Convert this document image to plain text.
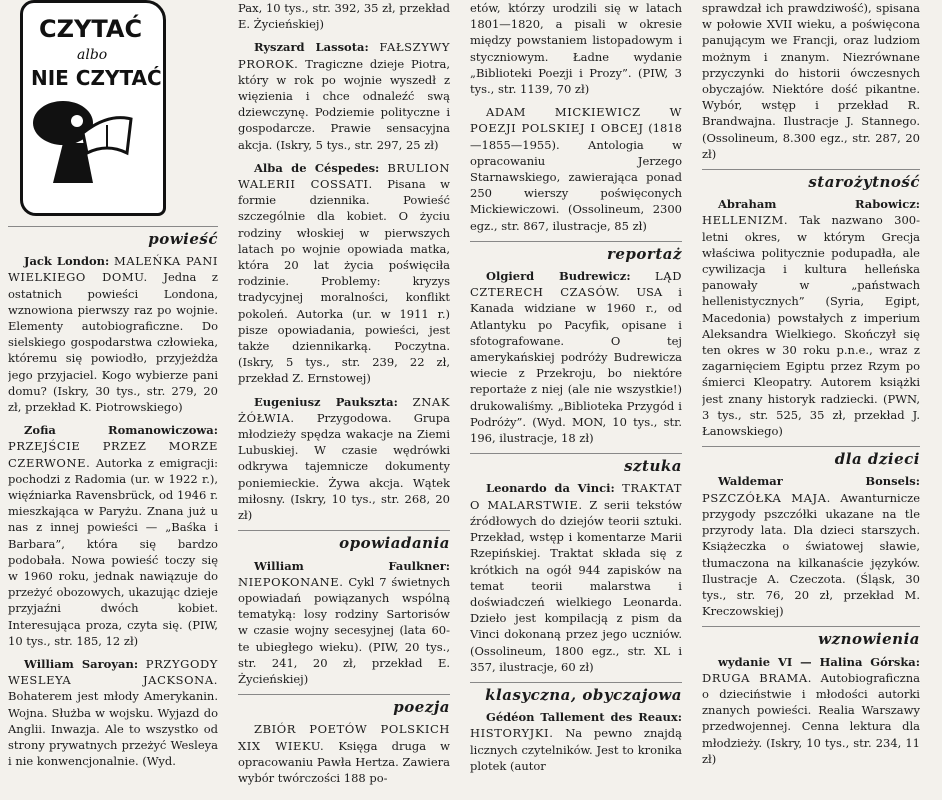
CZYTAĆ
albo
NIE CZYTAĆ
powieść

Jack London: MALEŃKA PANI WIELKIEGO DOMU. Jedna z ostatnich powieści Londona, wznowiona pierwszy raz po wojnie. Elementy autobiograficzne. Do sielskiego gospodarstwa człowieka, któremu się powiodło, przyjeżdża jego przyjaciel. Kogo wybierze pani domu? (Iskry, 30 tys., str. 279, 20 zł, przekład K. Piotrowskiego)

Zofia Romanowiczowa: PRZEJŚCIE PRZEZ MORZE CZERWONE. Autorka z emigracji: pochodzi z Radomia (ur. w 1922 r.), więźniarka Ravensbrück, od 1946 r. mieszkająca w Paryżu. Znana już u nas z innej powieści — „Baśka i Barbara”, która się bardzo podobała. Nowa powieść toczy się w 1960 roku, jednak nawiązuje do przeżyć obozowych, ukazując dzieje przyjaźni dwóch kobiet. Interesująca proza, czyta się. (PIW, 10 tys., str. 185, 12 zł)

William Saroyan: PRZYGODY WESLEYA JACKSONA. Bohaterem jest młody Amerykanin. Wojna. Służba w wojsku. Wyjazd do Anglii. Inwazja. Ale to wszystko od strony prywatnych przeżyć Wesleya i nie konwencjonalnie. (Wyd.

Pax, 10 tys., str. 392, 35 zł, przekład E. Życieńskiej)

Ryszard Lassota: FAŁSZYWY PROROK. Tragiczne dzieje Piotra, który w rok po wojnie wyszedł z więzienia i chce odnaleźć swą dziewczynę. Podziemie polityczne i gospodarcze. Prawie sensacyjna akcja. (Iskry, 5 tys., str. 297, 25 zł)

Alba de Céspedes: BRULION WALERII COSSATI. Pisana w formie dziennika. Powieść szczególnie dla kobiet. O życiu rodziny włoskiej w pierwszych latach po wojnie opowiada matka, która 20 lat życia poświęciła rodzinie. Problemy: kryzys tradycyjnej moralności, konflikt pokoleń. Autorka (ur. w 1911 r.) pisze opowiadania, powieści, jest także dziennikarką. Poczytna. (Iskry, 5 tys., str. 239, 22 zł, przekład Z. Ernstowej)

Eugeniusz Paukszta: ZNAK ŻÓŁWIA. Przygodowa. Grupa młodzieży spędza wakacje na Ziemi Lubuskiej. W czasie wędrówki odkrywa tajemnicze dokumenty poniemieckie. Żywa akcja. Wątek miłosny. (Iskry, 10 tys., str. 268, 20 zł)

opowiadania

William Faulkner: NIEPOKONANE. Cykl 7 świetnych opowiadań powiązanych wspólną tematyką: losy rodziny Sartorisów w czasie wojny secesyjnej (lata 60-te ubiegłego wieku). (PIW, 20 tys., str. 241, 20 zł, przekład E. Życieńskiej)

poezja

ZBIÓR POETÓW POLSKICH XIX WIEKU. Księga druga w opracowaniu Pawła Hertza. Zawiera wybór twórczości 188 po-

etów, którzy urodzili się w latach 1801—1820, a pisali w okresie między powstaniem listopadowym i styczniowym. Ładne wydanie „Biblioteki Poezji i Prozy”. (PIW, 3 tys., str. 1139, 70 zł)

ADAM MICKIEWICZ W POEZJI POLSKIEJ I OBCEJ (1818—1855—1955). Antologia w opracowaniu Jerzego Starnawskiego, zawierająca ponad 250 wierszy poświęconych Mickiewiczowi. (Ossolineum, 2300 egz., str. 867, ilustracje, 85 zł)

reportaż

Olgierd Budrewicz: LĄD CZTERECH CZASÓW. USA i Kanada widziane w 1960 r., od Atlantyku po Pacyfik, opisane i sfotografowane. O tej amerykańskiej podróży Budrewicza wiecie z Przekroju, bo niektóre reportaże z niej (ale nie wszystkie!) drukowaliśmy. „Biblioteka Przygód i Podróży”. (Wyd. MON, 10 tys., str. 196, ilustracje, 18 zł)

sztuka

Leonardo da Vinci: TRAKTAT O MALARSTWIE. Z serii tekstów źródłowych do dziejów teorii sztuki. Przekład, wstęp i komentarze Marii Rzepińskiej. Traktat składa się z krótkich na ogół 944 zapisków na temat teorii malarstwa i doświadczeń wielkiego Leonarda. Dzieło jest kompilacją z pism da Vinci dokonaną przez jego uczniów. (Ossolineum, 1800 egz., str. XL i 357, ilustracje, 60 zł)

klasyczna, obyczajowa

Gédéon Tallement des Reaux: HISTORYJKI. Na pewno znajdą licznych czytelników. Jest to kronika plotek (autor

sprawdzał ich prawdziwość), spisana w połowie XVII wieku, a poświęcona panującym we Francji, oraz ludziom możnym i znanym. Niezrównane przyczynki do historii ówczesnych obyczajów. Niektóre dość pikantne. Wybór, wstęp i przekład R. Brandwajna. Ilustracje J. Stannego. (Ossolineum, 8.300 egz., str. 287, 20 zł)

starożytność

Abraham Rabowicz: HELLENIZM. Tak nazwano 300-letni okres, w którym Grecja właściwa politycznie podupadła, ale cywilizacja i kultura helleńska panowały w „państwach hellenistycznych” (Syria, Egipt, Macedonia) powstałych z imperium Aleksandra Wielkiego. Skończył się ten okres w 30 roku p.n.e., wraz z zagarnięciem Egiptu przez Rzym po śmierci Kleopatry. Autorem książki jest znany historyk radziecki. (PWN, 3 tys., str. 525, 35 zł, przekład J. Łanowskiego)

dla dzieci

Waldemar Bonsels: PSZCZÓŁKA MAJA. Awanturnicze przygody pszczółki ukazane na tle przyrody lata. Dla dzieci starszych. Książeczka o światowej sławie, tłumaczona na kilkanaście języków. Ilustracje A. Czeczota. (Śląsk, 30 tys., str. 76, 20 zł, przekład M. Kreczowskiej)

wznowienia

wydanie VI — Halina Górska: DRUGA BRAMA. Autobiograficzna o dzieciństwie i młodości autorki znanych powieści. Realia Warszawy przedwojennej. Cenna lektura dla młodzieży. (Iskry, 10 tys., str. 234, 11 zł)
